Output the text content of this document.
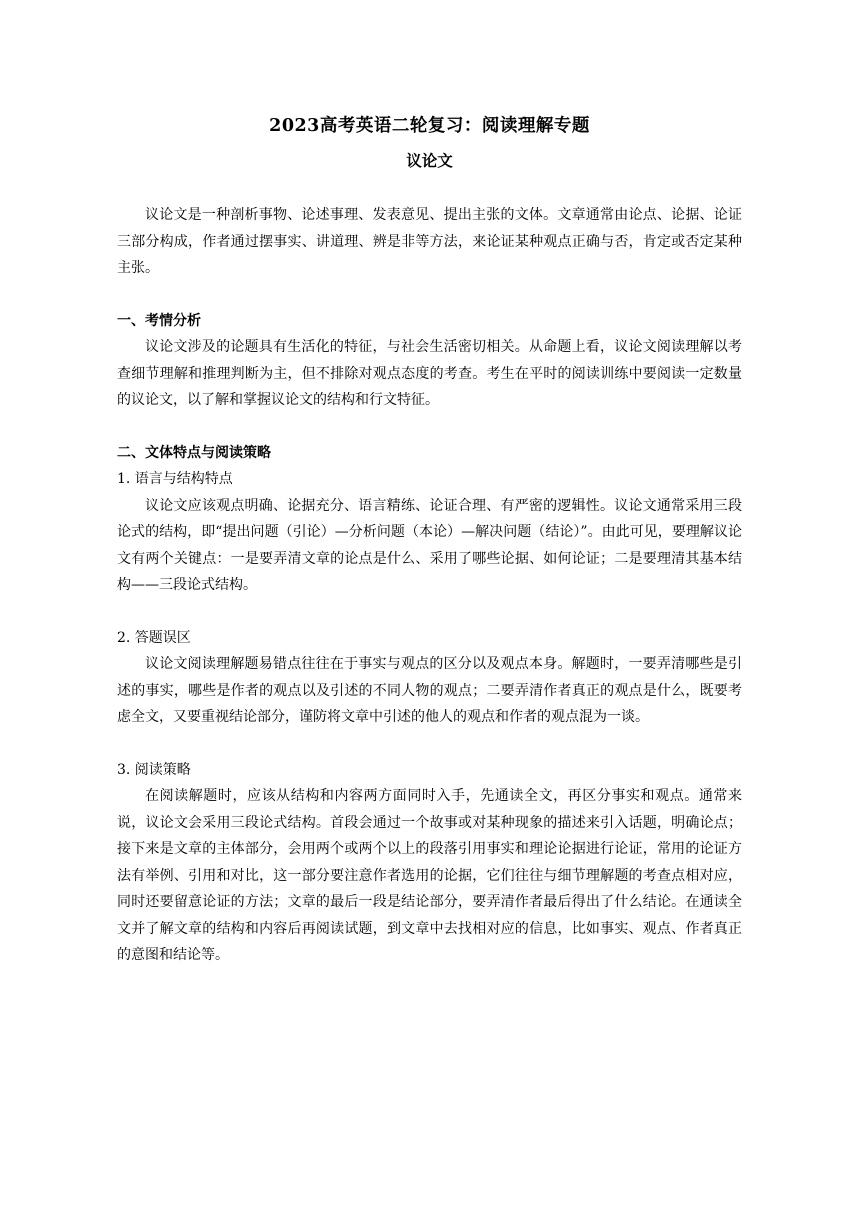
2023高考英语二轮复习：阅读理解专题
议论文

议论文是一种剖析事物、论述事理、发表意见、提出主张的文体。文章通常由论点、论据、论证三部分构成，作者通过摆事实、讲道理、辨是非等方法，来论证某种观点正确与否，肯定或否定某种主张。

一、考情分析

议论文涉及的论题具有生活化的特征，与社会生活密切相关。从命题上看，议论文阅读理解以考查细节理解和推理判断为主，但不排除对观点态度的考查。考生在平时的阅读训练中要阅读一定数量的议论文，以了解和掌握议论文的结构和行文特征。

二、文体特点与阅读策略

1. 语言与结构特点

议论文应该观点明确、论据充分、语言精练、论证合理、有严密的逻辑性。议论文通常采用三段论式的结构，即“提出问题（引论）—分析问题（本论）—解决问题（结论）”。由此可见，要理解议论文有两个关键点：一是要弄清文章的论点是什么、采用了哪些论据、如何论证；二是要理清其基本结构——三段论式结构。

2. 答题误区

议论文阅读理解题易错点往往在于事实与观点的区分以及观点本身。解题时，一要弄清哪些是引述的事实，哪些是作者的观点以及引述的不同人物的观点；二要弄清作者真正的观点是什么，既要考虑全文，又要重视结论部分，谨防将文章中引述的他人的观点和作者的观点混为一谈。

3. 阅读策略

在阅读解题时，应该从结构和内容两方面同时入手，先通读全文，再区分事实和观点。通常来说，议论文会采用三段论式结构。首段会通过一个故事或对某种现象的描述来引入话题，明确论点；接下来是文章的主体部分，会用两个或两个以上的段落引用事实和理论论据进行论证，常用的论证方法有举例、引用和对比，这一部分要注意作者选用的论据，它们往往与细节理解题的考查点相对应，同时还要留意论证的方法；文章的最后一段是结论部分，要弄清作者最后得出了什么结论。在通读全文并了解文章的结构和内容后再阅读试题，到文章中去找相对应的信息，比如事实、观点、作者真正的意图和结论等。
